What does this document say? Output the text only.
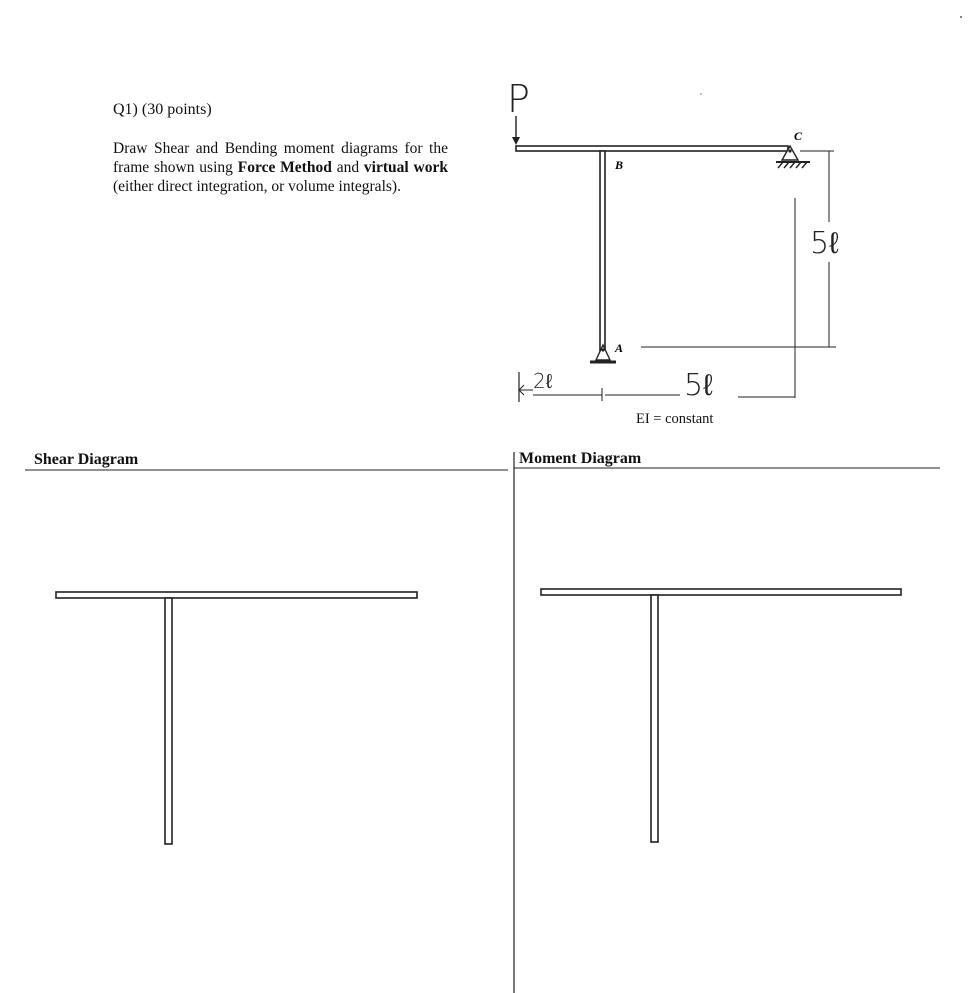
Q1) (30 points)
Draw Shear and Bending moment diagrams for the frame shown using Force Method and virtual work (either direct integration, or volume integrals).
P
B
A
C
5ℓ
2ℓ	5ℓ
EI = constant
Shear Diagram	Moment Diagram
